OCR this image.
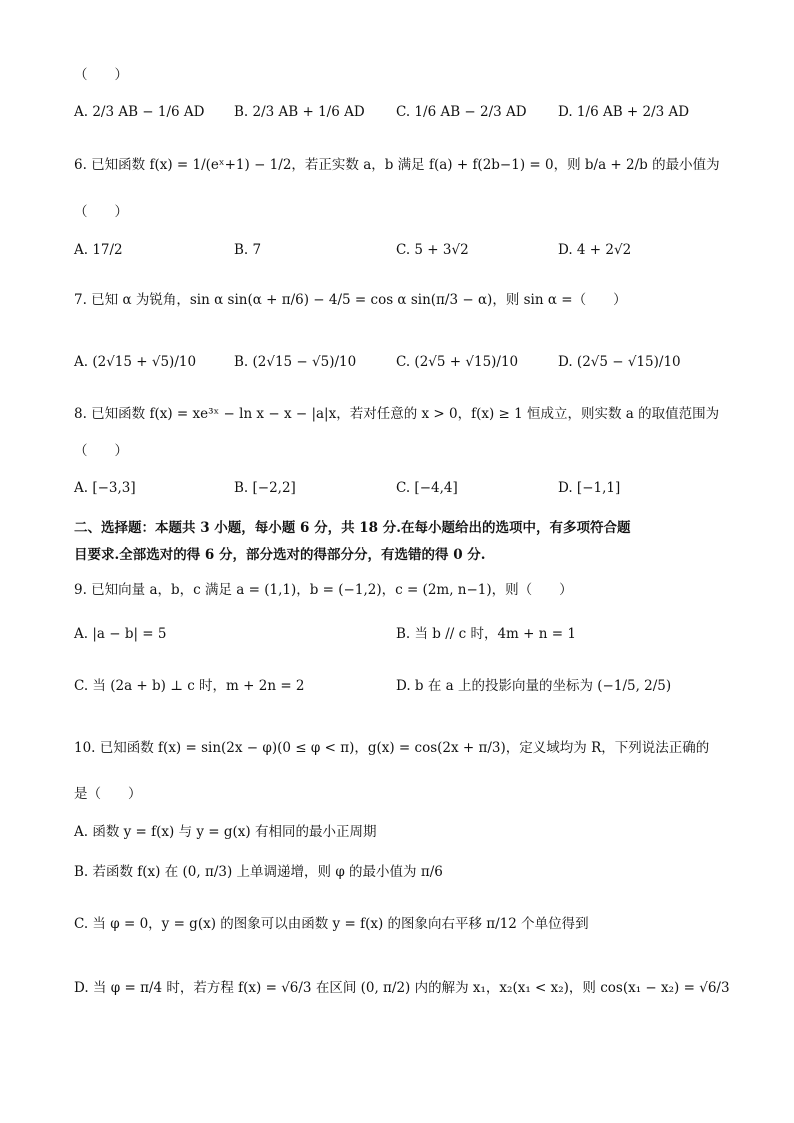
（　　）
A. 2/3 AB − 1/6 AD B. 2/3 AB + 1/6 AD C. 1/6 AB − 2/3 AD D. 1/6 AB + 2/3 AD
6. 已知函数 f(x) = 1/(eˣ+1) − 1/2，若正实数 a，b 满足 f(a) + f(2b−1) = 0，则 b/a + 2/b 的最小值为
（　　）
A. 17/2	B. 7	C. 5 + 3√2	D. 4 + 2√2
7. 已知 α 为锐角，sin α sin(α + π/6) − 4/5 = cos α sin(π/3 − α)，则 sin α =（　　）
A. (2√15 + √5)/10	B. (2√15 − √5)/10	C. (2√5 + √15)/10	D. (2√5 − √15)/10
8. 已知函数 f(x) = xe³ˣ − ln x − x − |a|x，若对任意的 x > 0，f(x) ≥ 1 恒成立，则实数 a 的取值范围为
（　　）
A. [−3,3]	B. [−2,2]	C. [−4,4]	D. [−1,1]
二、选择题：本题共 3 小题，每小题 6 分，共 18 分.在每小题给出的选项中，有多项符合题
目要求.全部选对的得 6 分，部分选对的得部分分，有选错的得 0 分.
9. 已知向量 a，b，c 满足 a = (1,1)，b = (−1,2)，c = (2m, n−1)，则（　　）
A. |a − b| = 5	B. 当 b // c 时，4m + n = 1
C. 当 (2a + b) ⊥ c 时，m + 2n = 2	D. b 在 a 上的投影向量的坐标为 (−1/5, 2/5)
10. 已知函数 f(x) = sin(2x − φ)(0 ≤ φ < π)，g(x) = cos(2x + π/3)，定义域均为 R，下列说法正确的
是（　　）
A. 函数 y = f(x) 与 y = g(x) 有相同的最小正周期
B. 若函数 f(x) 在 (0, π/3) 上单调递增，则 φ 的最小值为 π/6
C. 当 φ = 0，y = g(x) 的图象可以由函数 y = f(x) 的图象向右平移 π/12 个单位得到
D. 当 φ = π/4 时，若方程 f(x) = √6/3 在区间 (0, π/2) 内的解为 x₁，x₂(x₁ < x₂)，则 cos(x₁ − x₂) = √6/3
